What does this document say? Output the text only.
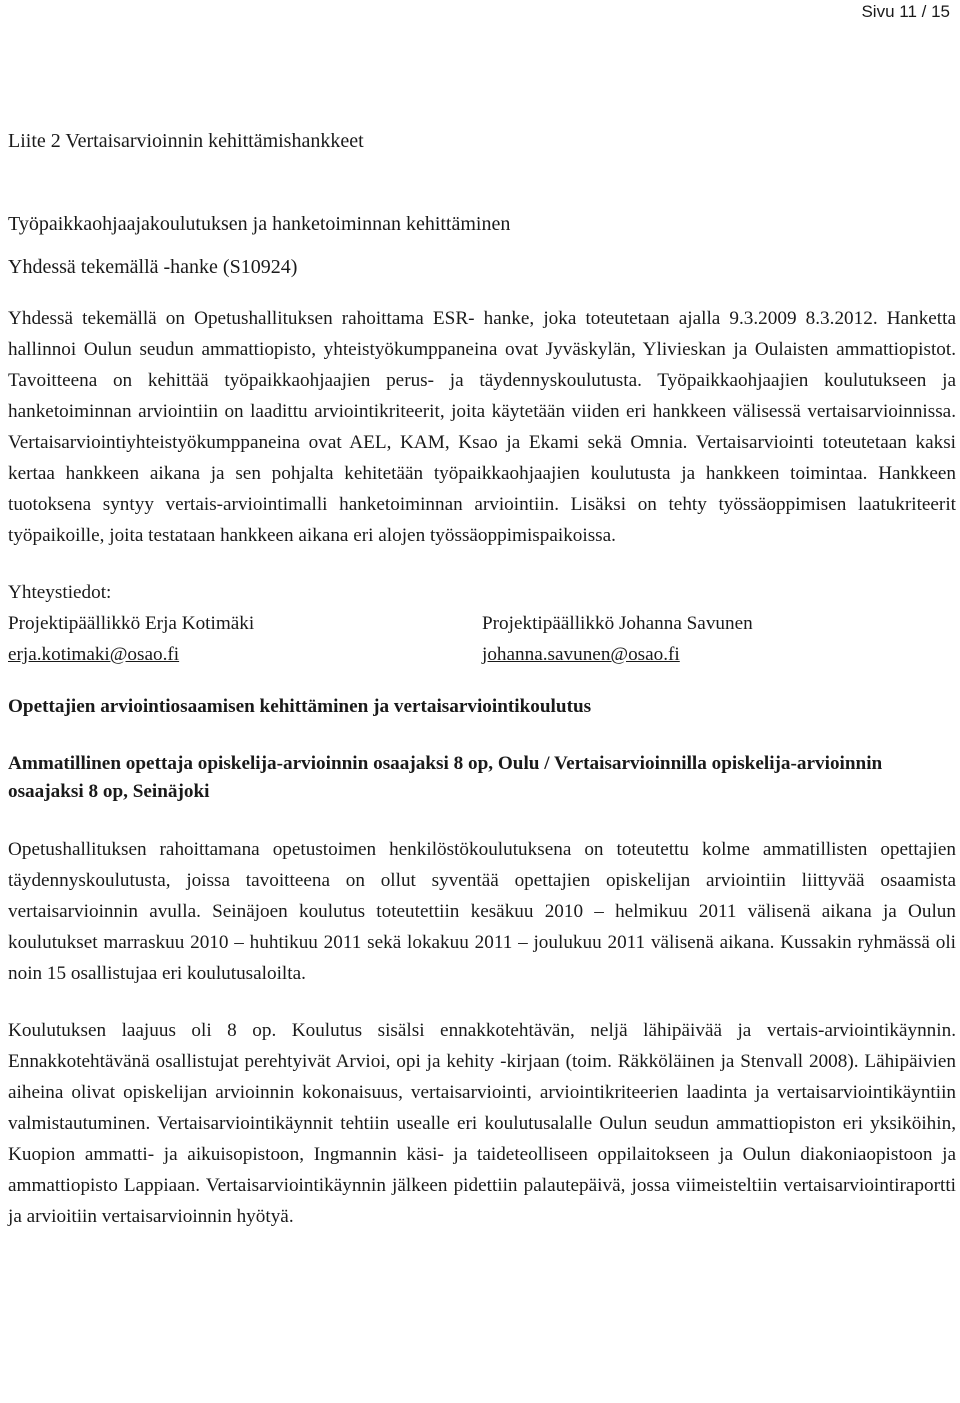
Sivu 11 / 15
Liite 2 Vertaisarvioinnin kehittämishankkeet
Työpaikkaohjaajakoulutuksen ja hanketoiminnan kehittäminen
Yhdessä tekemällä -hanke (S10924)

Yhdessä tekemällä on Opetushallituksen rahoittama ESR- hanke, joka toteutetaan ajalla 9.3.2009 8.3.2012. Hanketta hallinnoi Oulun seudun ammattiopisto, yhteistyökumppaneina ovat Jyväskylän, Ylivieskan ja Oulaisten ammattiopistot. Tavoitteena on kehittää työpaikkaohjaajien perus- ja täydennyskoulutusta. Työpaikkaohjaajien koulutukseen ja hanketoiminnan arviointiin on laadittu arviointikriteerit, joita käytetään viiden eri hankkeen välisessä vertaisarvioinnissa. Vertaisarviointiyhteistyökumppaneina ovat AEL, KAM, Ksao ja Ekami sekä Omnia. Vertaisarviointi toteutetaan kaksi kertaa hankkeen aikana ja sen pohjalta kehitetään työpaikkaohjaajien koulutusta ja hankkeen toimintaa. Hankkeen tuotoksena syntyy vertais-arviointimalli hanketoiminnan arviointiin. Lisäksi on tehty työssäoppimisen laatukriteerit työpaikoille, joita testataan hankkeen aikana eri alojen työssäoppimispaikoissa.

Yhteystiedot:

Projektipäällikkö Erja Kotimäki
erja.kotimaki@osao.fi
Projektipäällikkö Johanna Savunen
johanna.savunen@osao.fi
Opettajien arviointiosaamisen kehittäminen ja vertaisarviointikoulutus
Ammatillinen opettaja opiskelija-arvioinnin osaajaksi 8 op, Oulu / Vertaisarvioinnilla opiskelija-arvioinnin osaajaksi 8 op, Seinäjoki

Opetushallituksen rahoittamana opetustoimen henkilöstökoulutuksena on toteutettu kolme ammatillisten opettajien täydennyskoulutusta, joissa tavoitteena on ollut syventää opettajien opiskelijan arviointiin liittyvää osaamista vertaisarvioinnin avulla. Seinäjoen koulutus toteutettiin kesäkuu 2010 – helmikuu 2011 välisenä aikana ja Oulun koulutukset marraskuu 2010 – huhtikuu 2011 sekä lokakuu 2011 – joulukuu 2011 välisenä aikana. Kussakin ryhmässä oli noin 15 osallistujaa eri koulutusaloilta.

Koulutuksen laajuus oli 8 op. Koulutus sisälsi ennakkotehtävän, neljä lähipäivää ja vertais-arviointikäynnin. Ennakkotehtävänä osallistujat perehtyivät Arvioi, opi ja kehity -kirjaan (toim. Räkköläinen ja Stenvall 2008). Lähipäivien aiheina olivat opiskelijan arvioinnin kokonaisuus, vertaisarviointi, arviointikriteerien laadinta ja vertaisarviointikäyntiin valmistautuminen. Vertaisarviointikäynnit tehtiin usealle eri koulutusalalle Oulun seudun ammattiopiston eri yksiköihin, Kuopion ammatti- ja aikuisopistoon, Ingmannin käsi- ja taideteolliseen oppilaitokseen ja Oulun diakoniaopistoon ja ammattiopisto Lappiaan. Vertaisarviointikäynnin jälkeen pidettiin palautepäivä, jossa viimeisteltiin vertaisarviointiraportti ja arvioitiin vertaisarvioinnin hyötyä.
